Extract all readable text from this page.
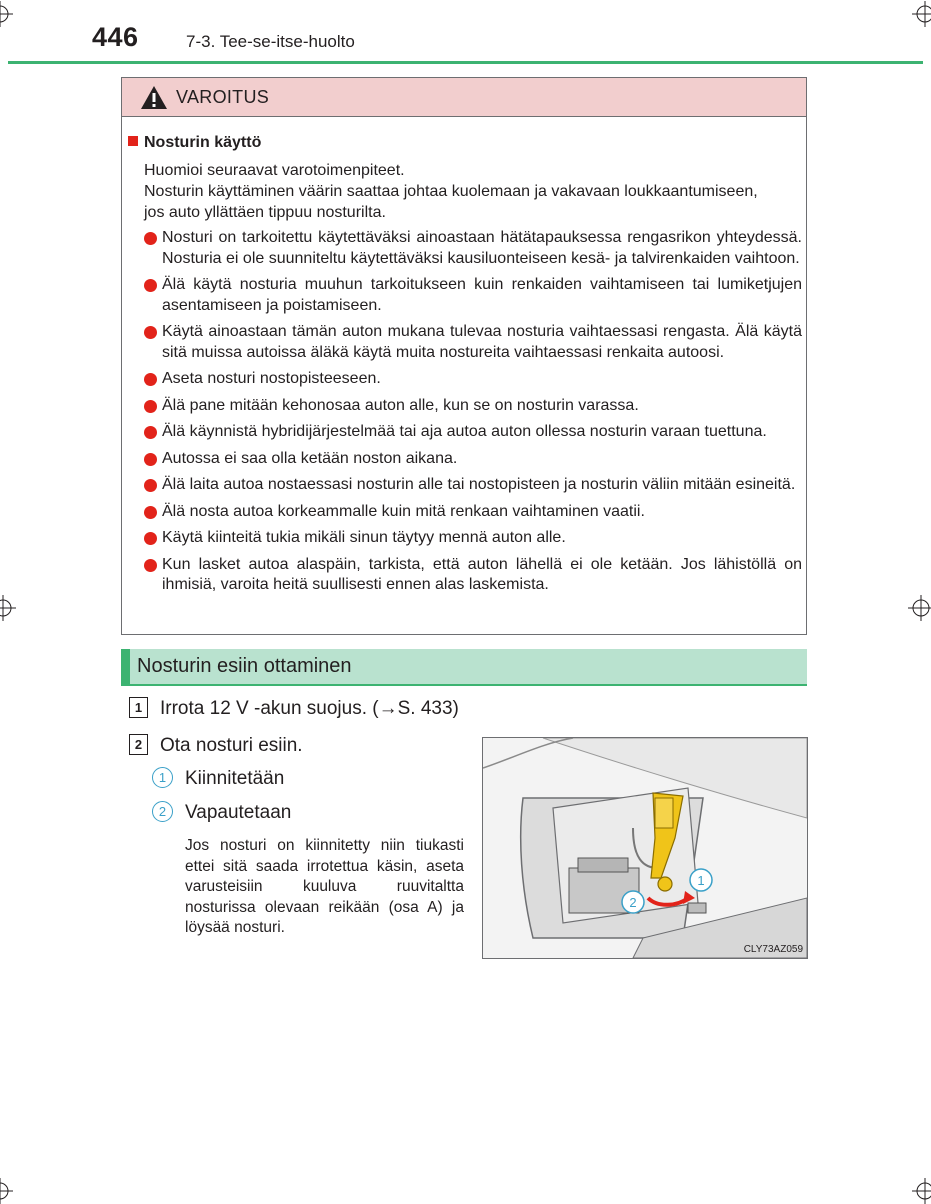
446	7-3. Tee-se-itse-huolto
VAROITUS
Nosturin käyttö
Huomioi seuraavat varotoimenpiteet.
Nosturin käyttäminen väärin saattaa johtaa kuolemaan ja vakavaan loukkaantumiseen,
jos auto yllättäen tippuu nosturilta.
Nosturi on tarkoitettu käytettäväksi ainoastaan hätätapauksessa rengasrikon yhteydessä. Nosturia ei ole suunniteltu käytettäväksi kausiluonteiseen kesä- ja talvirenkaiden vaihtoon.
Älä käytä nosturia muuhun tarkoitukseen kuin renkaiden vaihtamiseen tai lumiketjujen asentamiseen ja poistamiseen.
Käytä ainoastaan tämän auton mukana tulevaa nosturia vaihtaessasi rengasta. Älä käytä sitä muissa autoissa äläkä käytä muita nostureita vaihtaessasi renkaita autoosi.
Aseta nosturi nostopisteeseen.
Älä pane mitään kehonosaa auton alle, kun se on nosturin varassa.
Älä käynnistä hybridijärjestelmää tai aja autoa auton ollessa nosturin varaan tuettuna.
Autossa ei saa olla ketään noston aikana.
Älä laita autoa nostaessasi nosturin alle tai nostopisteen ja nosturin väliin mitään esineitä.
Älä nosta autoa korkeammalle kuin mitä renkaan vaihtaminen vaatii.
Käytä kiinteitä tukia mikäli sinun täytyy mennä auton alle.
Kun lasket autoa alaspäin, tarkista, että auton lähellä ei ole ketään. Jos lähistöllä on ihmisiä, varoita heitä suullisesti ennen alas laskemista.
Nosturin esiin ottaminen
1 Irrota 12 V -akun suojus. (→S. 433)
2 Ota nosturi esiin.
1 Kiinnitetään
2 Vapautetaan
Jos nosturi on kiinnitetty niin tiukasti ettei sitä saada irrotettua käsin, aseta varusteisiin kuuluva ruuvitaltta nosturissa olevaan reikään (osa A) ja löysää nosturi.
1
2
CLY73AZ059
